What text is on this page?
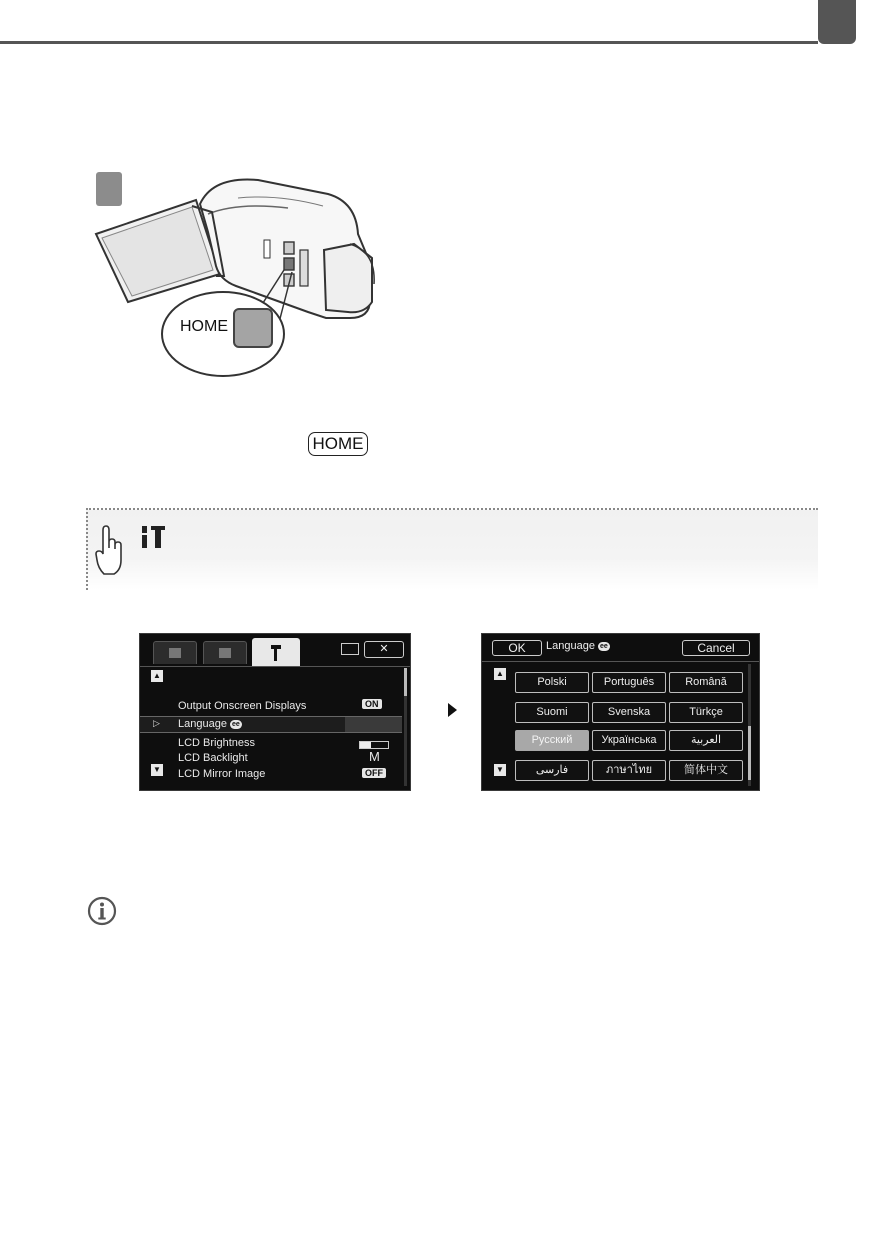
HOME
HOME
✕
▲
▼
Output Onscreen Displays	ON
▷ Language ee
LCD Brightness
LCD Backlight	M
LCD Mirror Image	OFF
OK	Language ee	Cancel
▲
▼
Polski	Português	Română
Suomi	Svenska	Türkçe
Русский	Українська	العربية
فارسی	ภาษาไทย	简体中文
